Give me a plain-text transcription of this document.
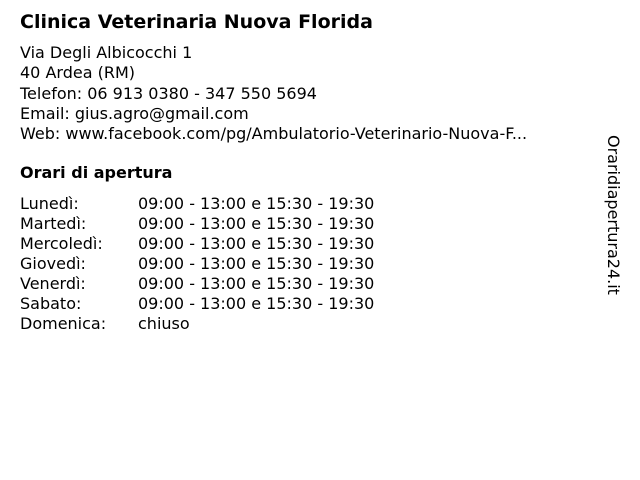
Clinica Veterinaria Nuova Florida
Via Degli Albicocchi 1
40 Ardea (RM)
Telefon: 06 913 0380 - 347 550 5694
Email: gius.agro@gmail.com
Web: www.facebook.com/pg/Ambulatorio-Veterinario-Nuova-F...
Orari di apertura
Lunedì:	09:00 - 13:00 e 15:30 - 19:30
Martedì:	09:00 - 13:00 e 15:30 - 19:30
Mercoledì: 09:00 - 13:00 e 15:30 - 19:30
Giovedì:	09:00 - 13:00 e 15:30 - 19:30
Venerdì:	09:00 - 13:00 e 15:30 - 19:30
Sabato:	09:00 - 13:00 e 15:30 - 19:30
Domenica: chiuso
Oraridiapertura24.it
